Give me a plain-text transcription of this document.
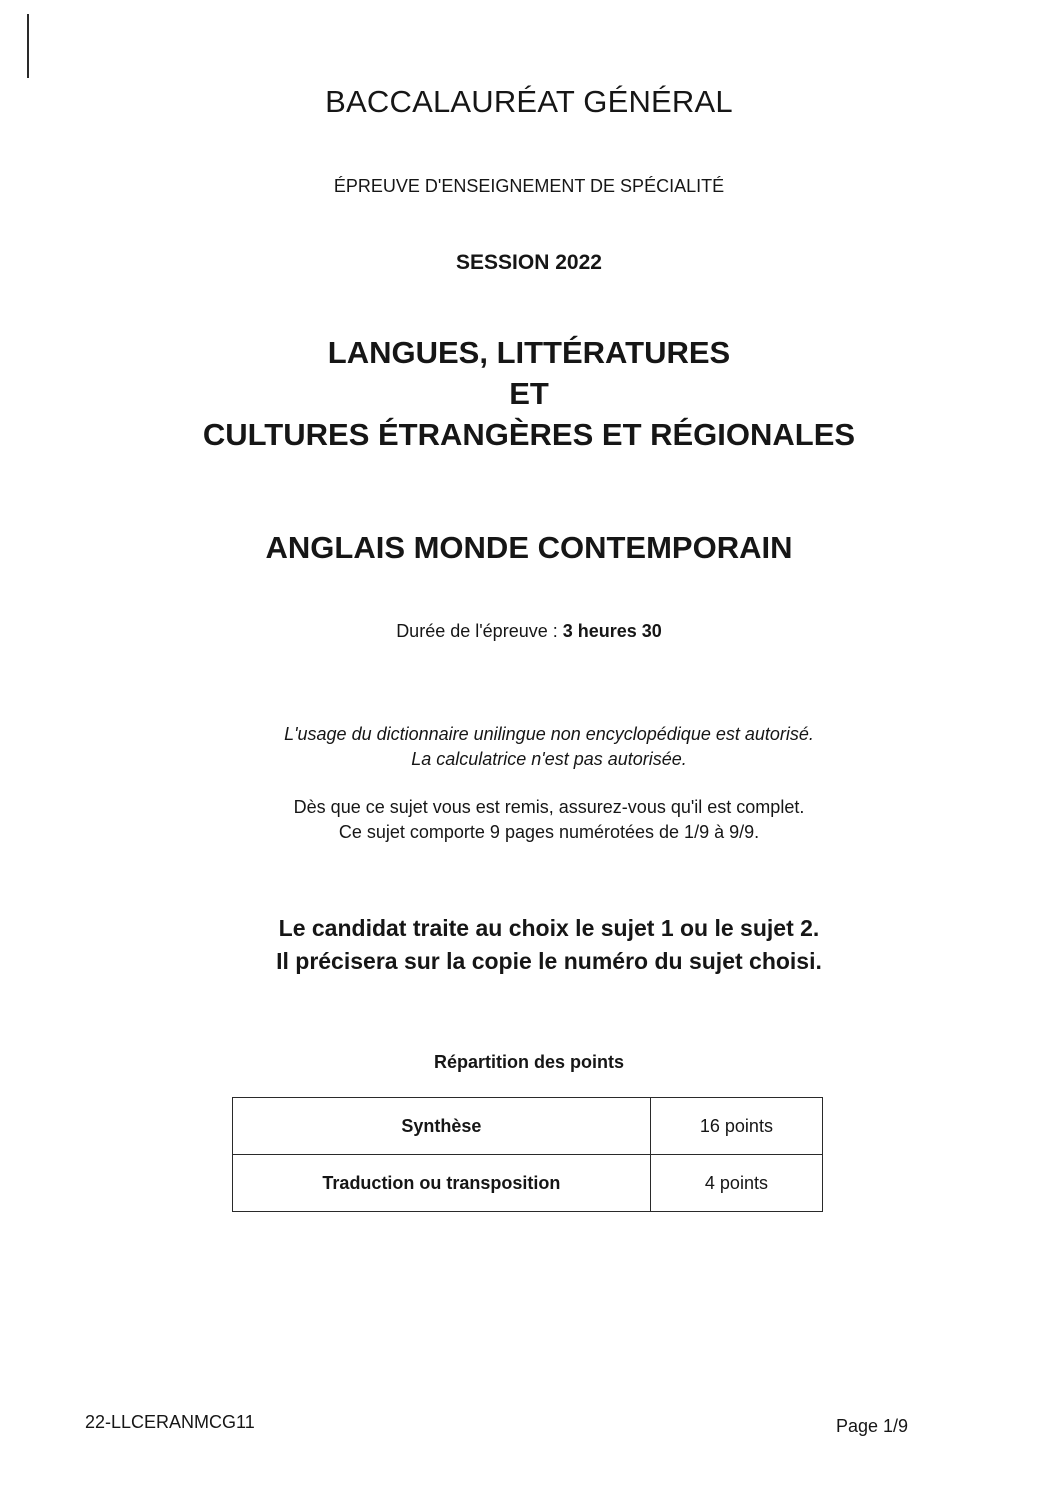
BACCALAURÉAT GÉNÉRAL
ÉPREUVE D'ENSEIGNEMENT DE SPÉCIALITÉ
SESSION 2022
LANGUES, LITTÉRATURES
ET
CULTURES ÉTRANGÈRES ET RÉGIONALES
ANGLAIS MONDE CONTEMPORAIN
Durée de l'épreuve : 3 heures 30
L'usage du dictionnaire unilingue non encyclopédique est autorisé.
La calculatrice n'est pas autorisée.
Dès que ce sujet vous est remis, assurez-vous qu'il est complet.
Ce sujet comporte 9 pages numérotées de 1/9 à 9/9.
Le candidat traite au choix le sujet 1 ou le sujet 2.
Il précisera sur la copie le numéro du sujet choisi.
Répartition des points
Synthèse	16 points
Traduction ou transposition	4 points
22-LLCERANMCG11	Page 1/9
